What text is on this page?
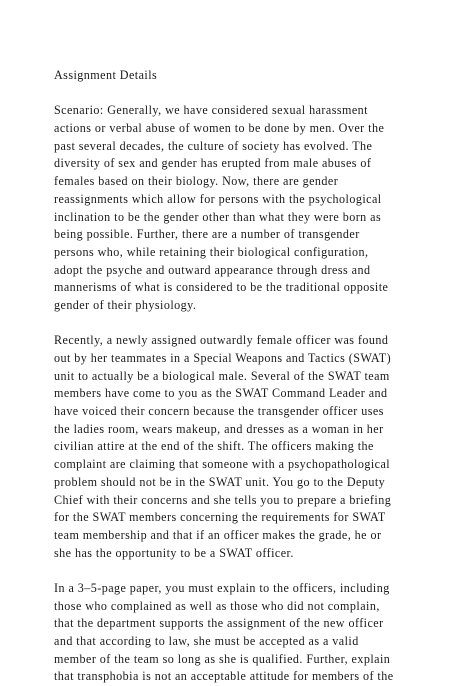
Assignment Details
Scenario: Generally, we have considered sexual harassment
actions or verbal abuse of women to be done by men. Over the
past several decades, the culture of society has evolved. The
diversity of sex and gender has erupted from male abuses of
females based on their biology. Now, there are gender
reassignments which allow for persons with the psychological
inclination to be the gender other than what they were born as
being possible. Further, there are a number of transgender
persons who, while retaining their biological configuration,
adopt the psyche and outward appearance through dress and
mannerisms of what is considered to be the traditional opposite
gender of their physiology.
Recently, a newly assigned outwardly female officer was found
out by her teammates in a Special Weapons and Tactics (SWAT)
unit to actually be a biological male. Several of the SWAT team
members have come to you as the SWAT Command Leader and
have voiced their concern because the transgender officer uses
the ladies room, wears makeup, and dresses as a woman in her
civilian attire at the end of the shift. The officers making the
complaint are claiming that someone with a psychopathological
problem should not be in the SWAT unit. You go to the Deputy
Chief with their concerns and she tells you to prepare a briefing
for the SWAT members concerning the requirements for SWAT
team membership and that if an officer makes the grade, he or
she has the opportunity to be a SWAT officer.
In a 3–5-page paper, you must explain to the officers, including
those who complained as well as those who did not complain,
that the department supports the assignment of the new officer
and that according to law, she must be accepted as a valid
member of the team so long as she is qualified. Further, explain
that transphobia is not an acceptable attitude for members of the
